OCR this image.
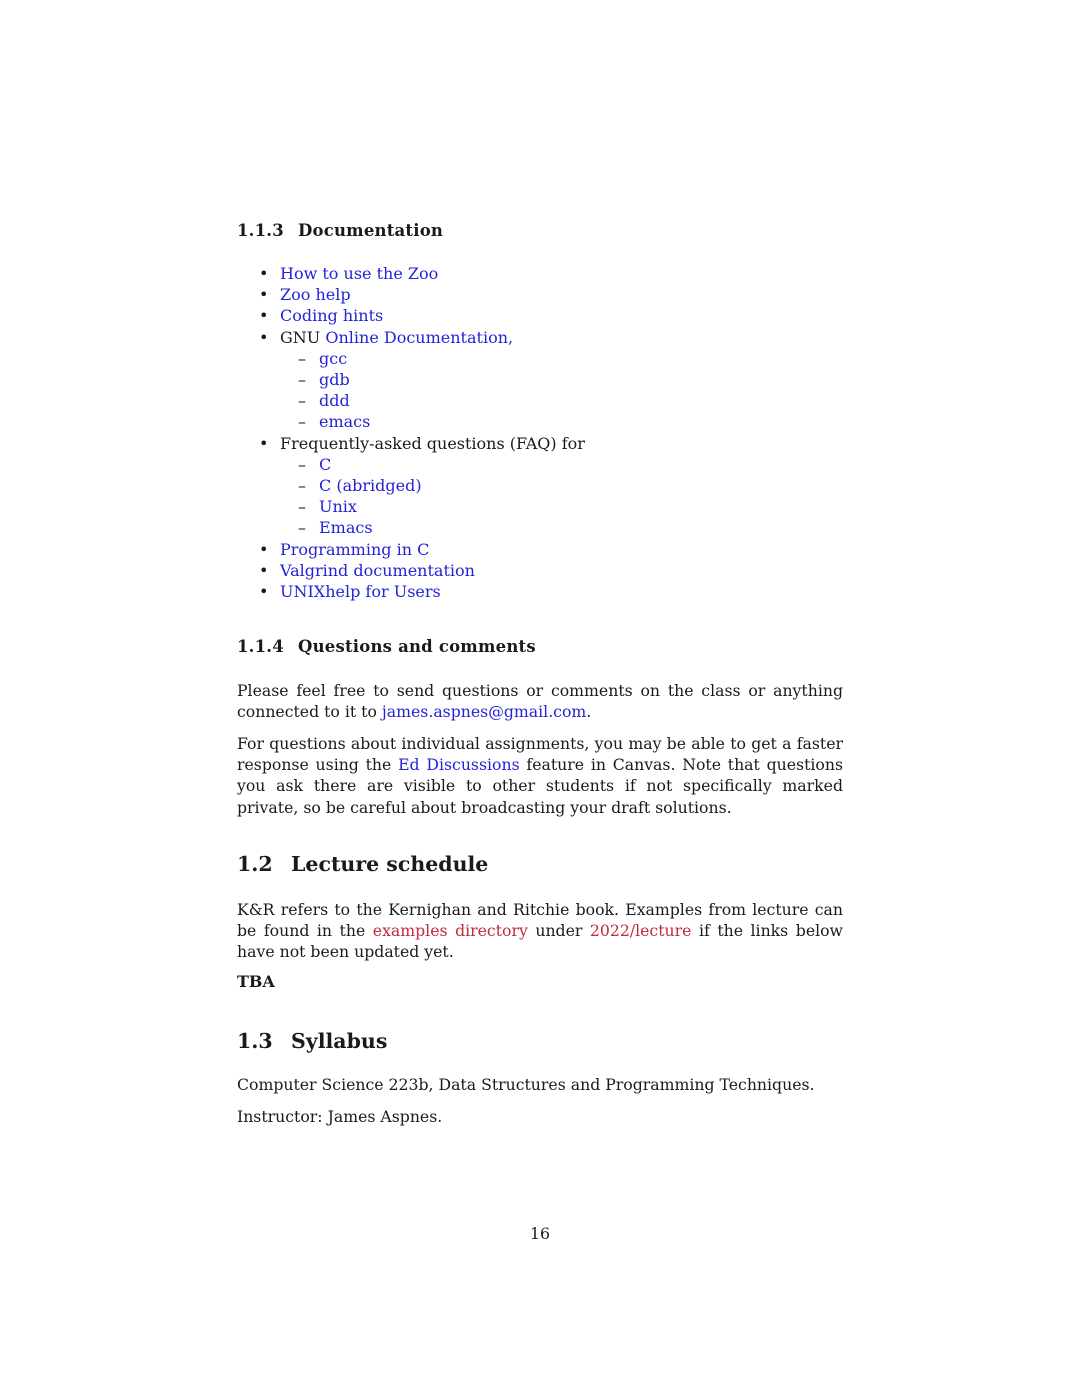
1.1.3 Documentation
• How to use the Zoo
• Zoo help
• Coding hints
• GNU Online Documentation,
– gcc
– gdb
– ddd
– emacs
• Frequently-asked questions (FAQ) for
– C
– C (abridged)
– Unix
– Emacs
• Programming in C
• Valgrind documentation
• UNIXhelp for Users
1.1.4 Questions and comments

Please feel free to send questions or comments on the class or anything connected to it to james.aspnes@gmail.com.

For questions about individual assignments, you may be able to get a faster response using the Ed Discussions feature in Canvas. Note that questions you ask there are visible to other students if not specifically marked private, so be careful about broadcasting your draft solutions.

1.2 Lecture schedule

K&R refers to the Kernighan and Ritchie book. Examples from lecture can be found in the examples directory under 2022/lecture if the links below have not been updated yet.

TBA
1.3 Syllabus
Computer Science 223b, Data Structures and Programming Techniques.
Instructor: James Aspnes.
16
